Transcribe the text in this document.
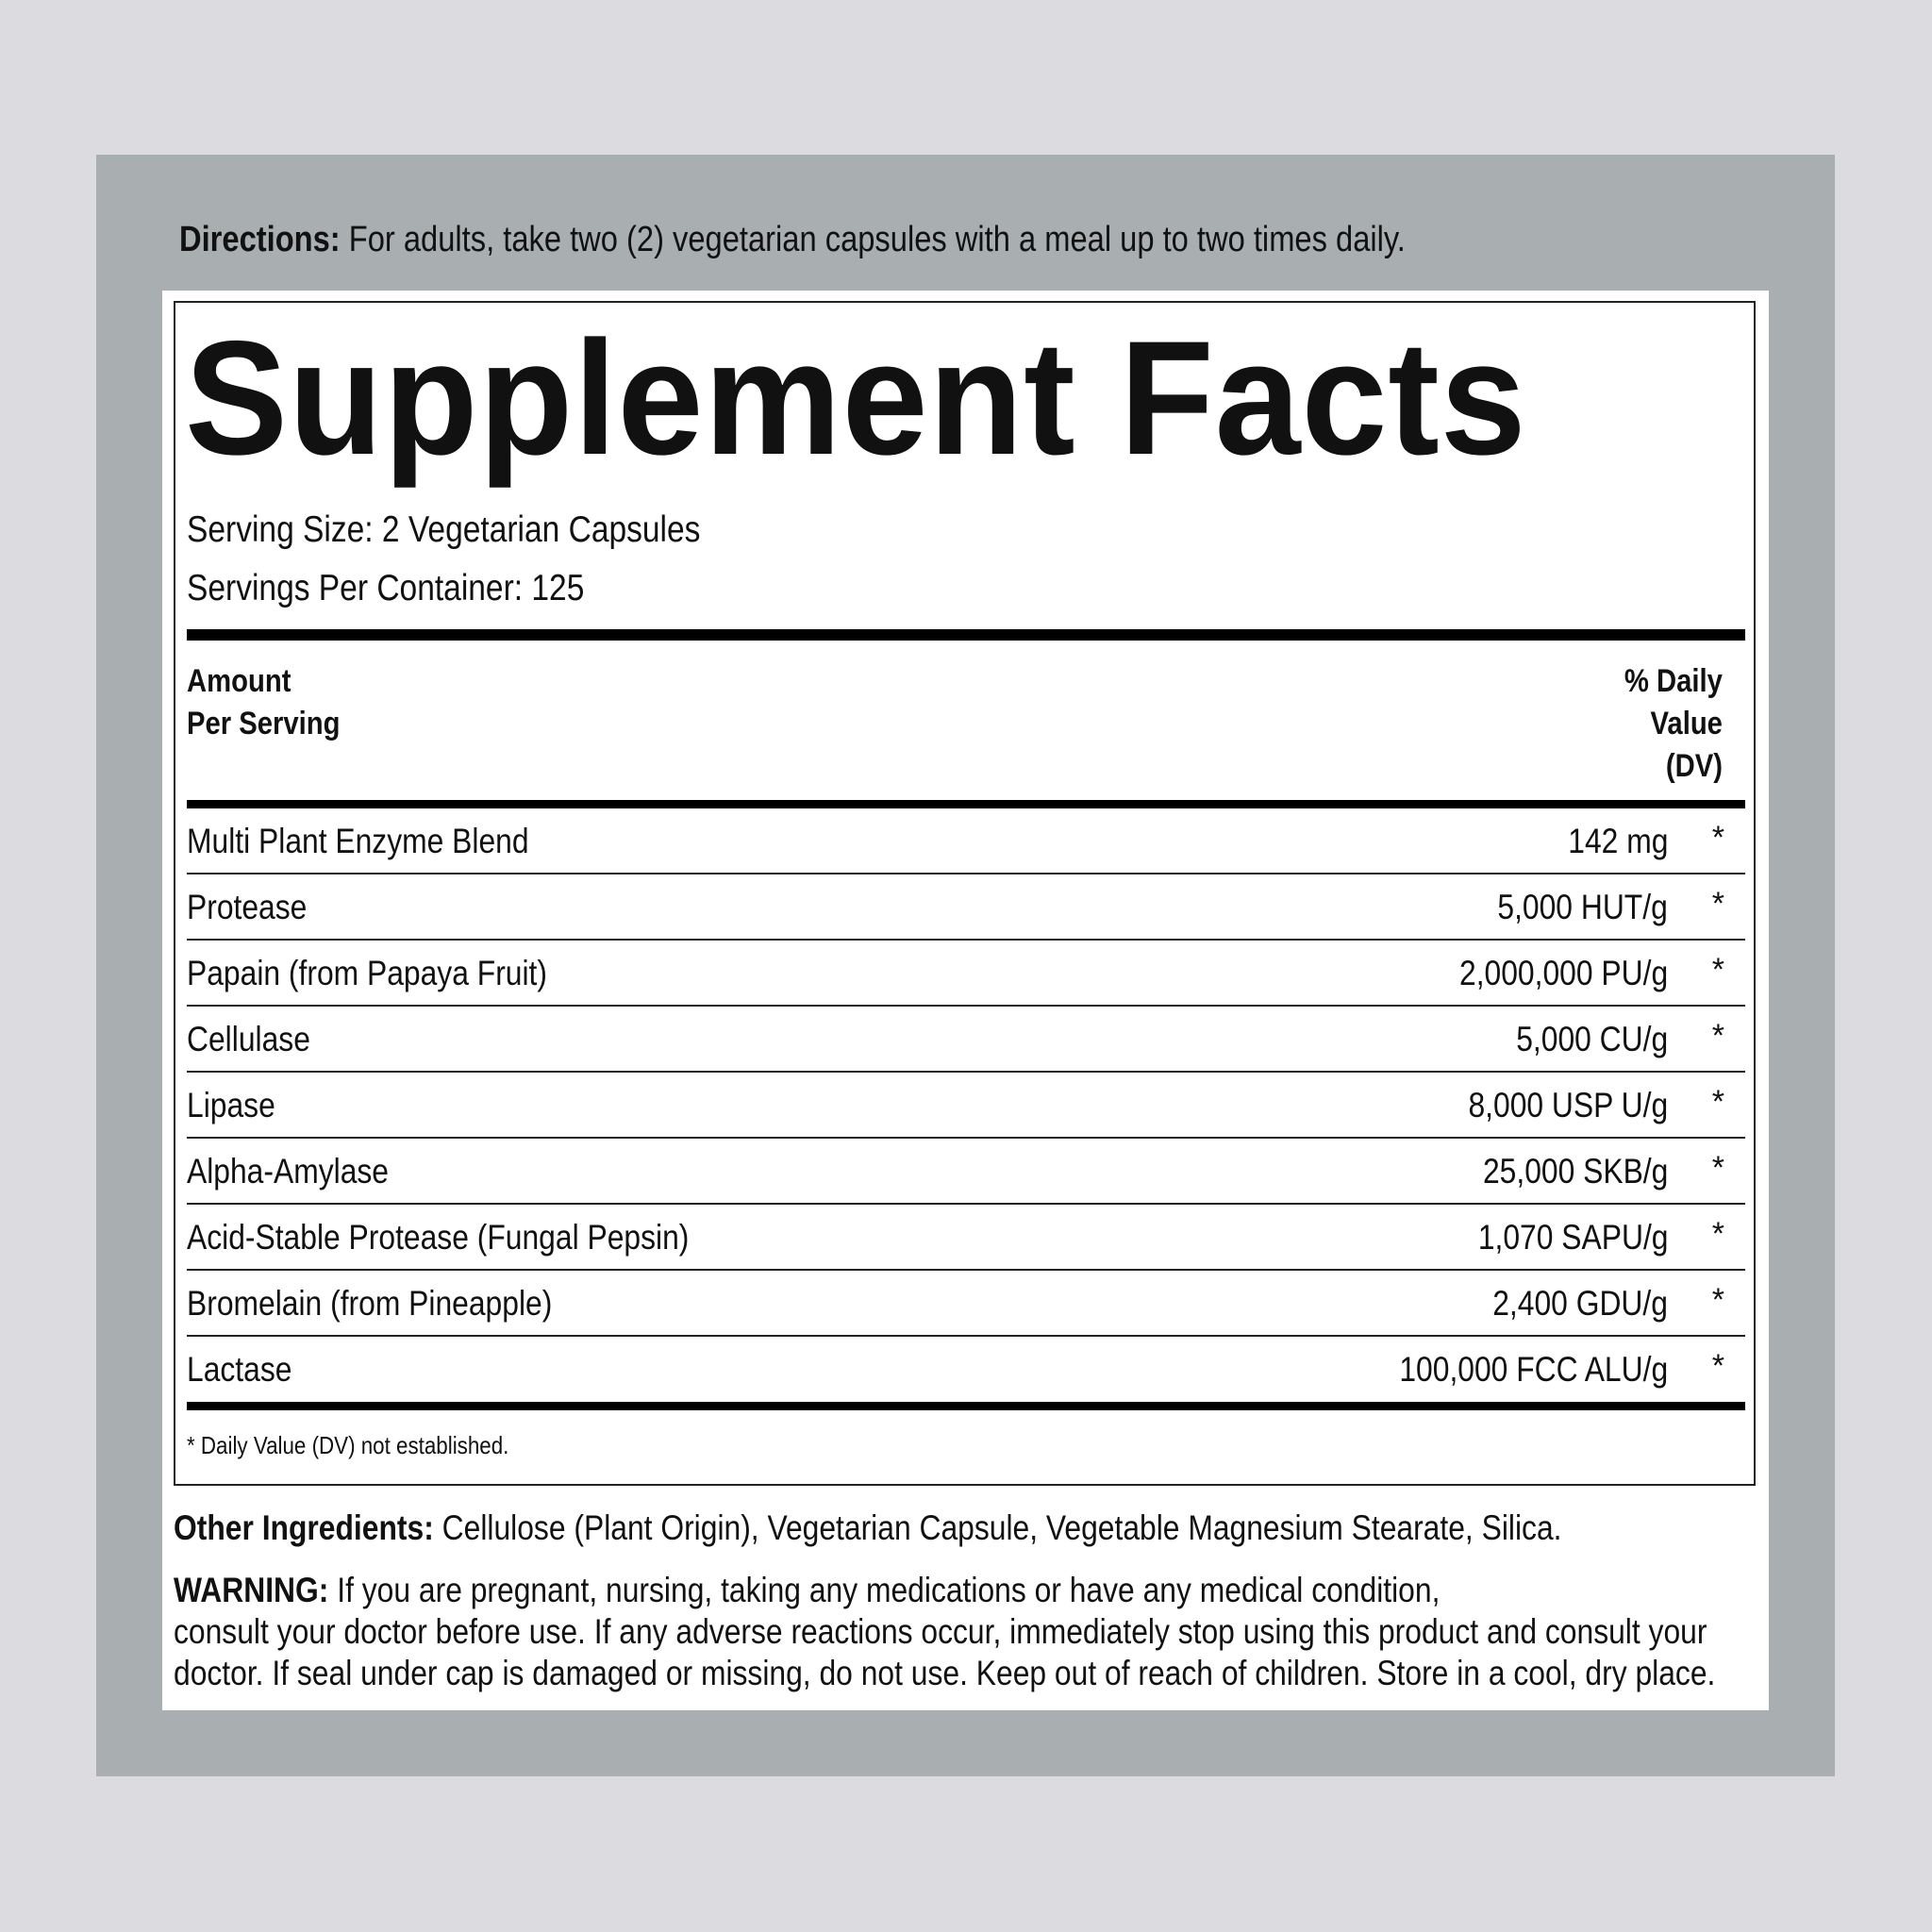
Directions: For adults, take two (2) vegetarian capsules with a meal up to two times daily.
Supplement Facts
Serving Size: 2 Vegetarian Capsules
Servings Per Container: 125
Amount
Per Serving
% Daily
Value
(DV)
Multi Plant Enzyme Blend	142 mg *
Protease	5,000 HUT/g *
Papain (from Papaya Fruit)	2,000,000 PU/g *
Cellulase	5,000 CU/g *
Lipase	8,000 USP U/g *
Alpha-Amylase	25,000 SKB/g *
Acid-Stable Protease (Fungal Pepsin)	1,070 SAPU/g *
Bromelain (from Pineapple)	2,400 GDU/g *
Lactase	100,000 FCC ALU/g *
* Daily Value (DV) not established.
Other Ingredients: Cellulose (Plant Origin), Vegetarian Capsule, Vegetable Magnesium Stearate, Silica.
WARNING: If you are pregnant, nursing, taking any medications or have any medical condition,
consult your doctor before use. If any adverse reactions occur, immediately stop using this product and consult your
doctor. If seal under cap is damaged or missing, do not use. Keep out of reach of children. Store in a cool, dry place.
